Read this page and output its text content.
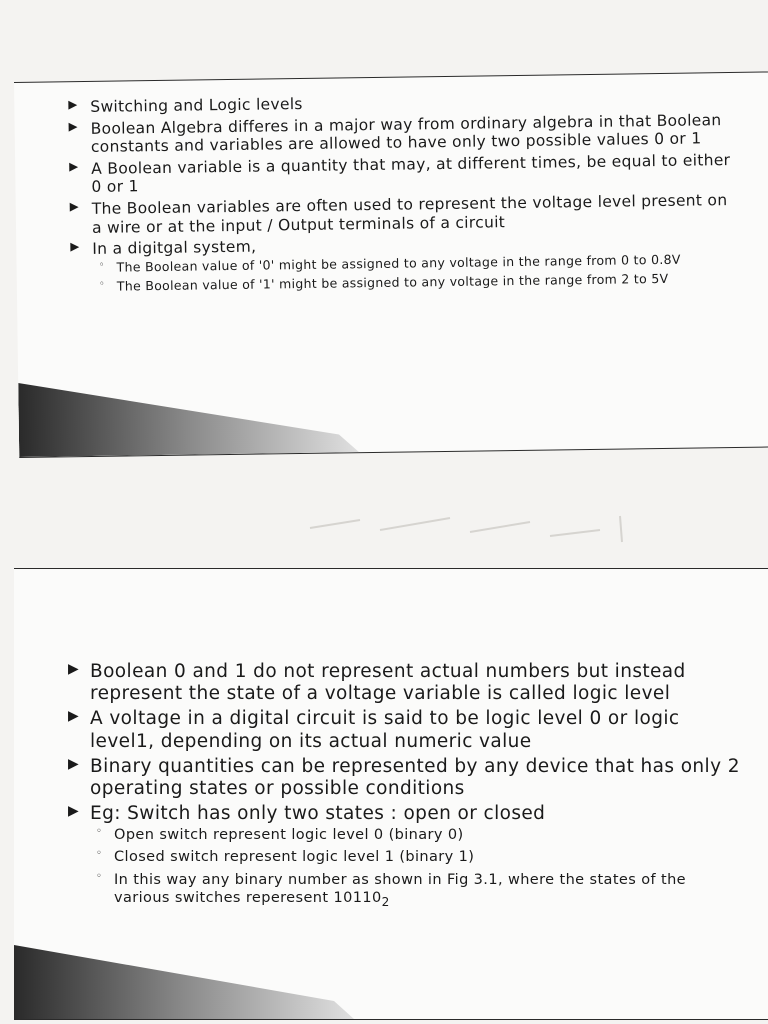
▶ Switching and Logic levels
▶ Boolean Algebra differes in a major way from ordinary algebra in that Boolean constants and variables are allowed to have only two possible values 0 or 1
▶ A Boolean variable is a quantity that may, at different times, be equal to either 0 or 1
▶ The Boolean variables are often used to represent the voltage level present on a wire or at the input / Output terminals of a circuit
▶ In a digitgal system,
◦ The Boolean value of '0' might be assigned to any voltage in the range from 0 to 0.8V
◦ The Boolean value of '1' might be assigned to any voltage in the range from 2 to 5V
▶ Boolean 0 and 1 do not represent actual numbers but instead represent the state of a voltage variable is called logic level
▶ A voltage in a digital circuit is said to be logic level 0 or logic level1, depending on its actual numeric value
▶ Binary quantities can be represented by any device that has only 2 operating states or possible conditions
▶ Eg: Switch has only two states : open or closed
◦ Open switch represent logic level 0 (binary 0)
◦ Closed switch represent logic level 1 (binary 1)
◦ In this way any binary number as shown in Fig 3.1, where the states of the various switches reperesent $10110_2$
